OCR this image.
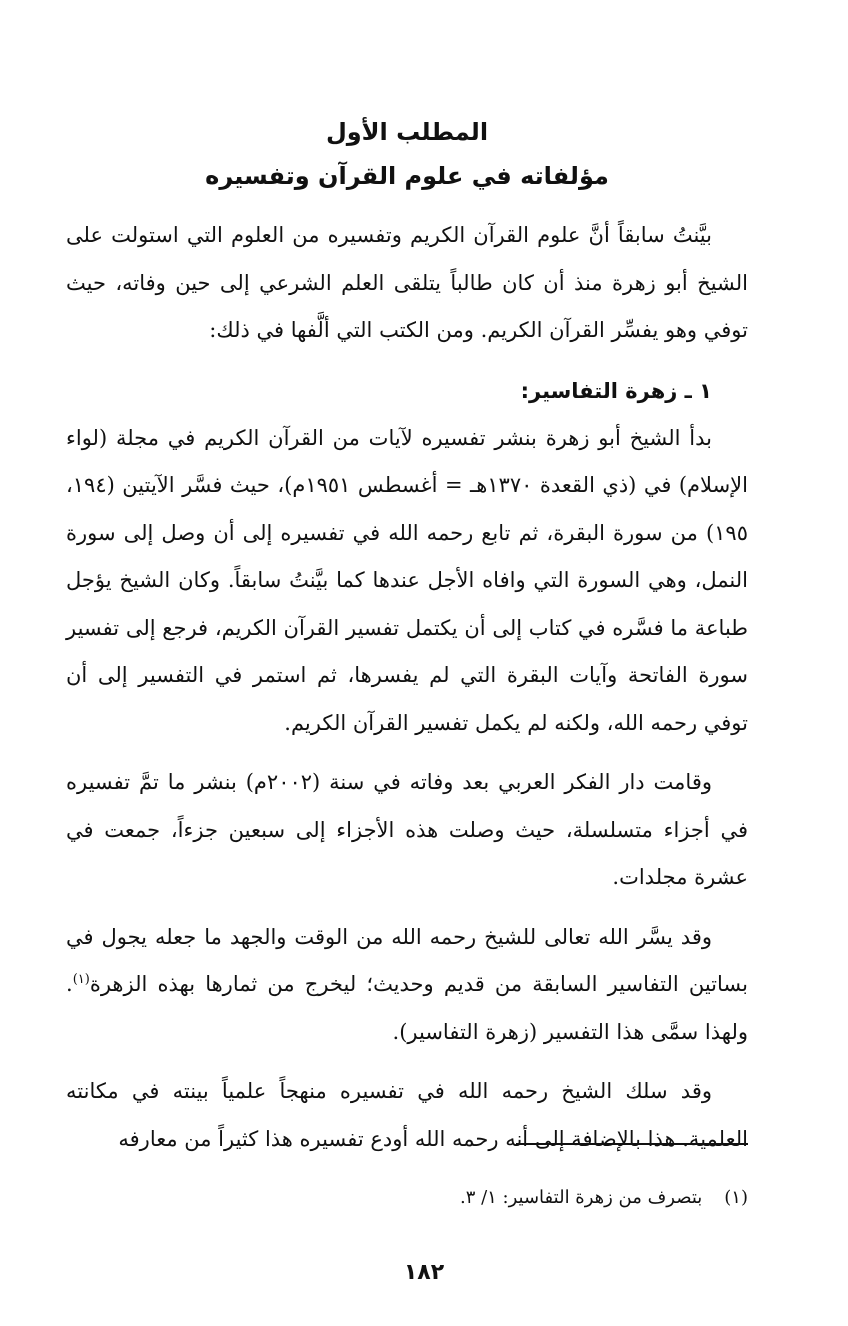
المطلب الأول
مؤلفاته في علوم القرآن وتفسيره

بيَّنتُ سابقاً أنَّ علوم القرآن الكريم وتفسيره من العلوم التي استولت على الشيخ أبو زهرة منذ أن كان طالباً يتلقى العلم الشرعي إلى حين وفاته، حيث توفي وهو يفسِّر القرآن الكريم. ومن الكتب التي ألَّفها في ذلك:

١ ـ زهرة التفاسير:

بدأ الشيخ أبو زهرة بنشر تفسيره لآيات من القرآن الكريم في مجلة (لواء الإسلام) في (ذي القعدة ١٣٧٠هـ = أغسطس ١٩٥١م)، حيث فسَّر الآيتين (١٩٤، ١٩٥) من سورة البقرة، ثم تابع رحمه الله في تفسيره إلى أن وصل إلى سورة النمل، وهي السورة التي وافاه الأجل عندها كما بيَّنتُ سابقاً. وكان الشيخ يؤجل طباعة ما فسَّره في كتاب إلى أن يكتمل تفسير القرآن الكريم، فرجع إلى تفسير سورة الفاتحة وآيات البقرة التي لم يفسرها، ثم استمر في التفسير إلى أن توفي رحمه الله، ولكنه لم يكمل تفسير القرآن الكريم.

وقامت دار الفكر العربي بعد وفاته في سنة (٢٠٠٢م) بنشر ما تمَّ تفسيره في أجزاء متسلسلة، حيث وصلت هذه الأجزاء إلى سبعين جزءاً، جمعت في عشرة مجلدات.

وقد يسَّر الله تعالى للشيخ رحمه الله من الوقت والجهد ما جعله يجول في بساتين التفاسير السابقة من قديم وحديث؛ ليخرج من ثمارها بهذه الزهرة$^{(١)}$. ولهذا سمَّى هذا التفسير (زهرة التفاسير).

وقد سلك الشيخ رحمه الله في تفسيره منهجاً علمياً بينته في مكانته العلمية. هذا بالإضافة إلى أنه رحمه الله أودع تفسيره هذا كثيراً من معارفه

(١)بتصرف من زهرة التفاسير: ١/ ٣.

١٨٢
